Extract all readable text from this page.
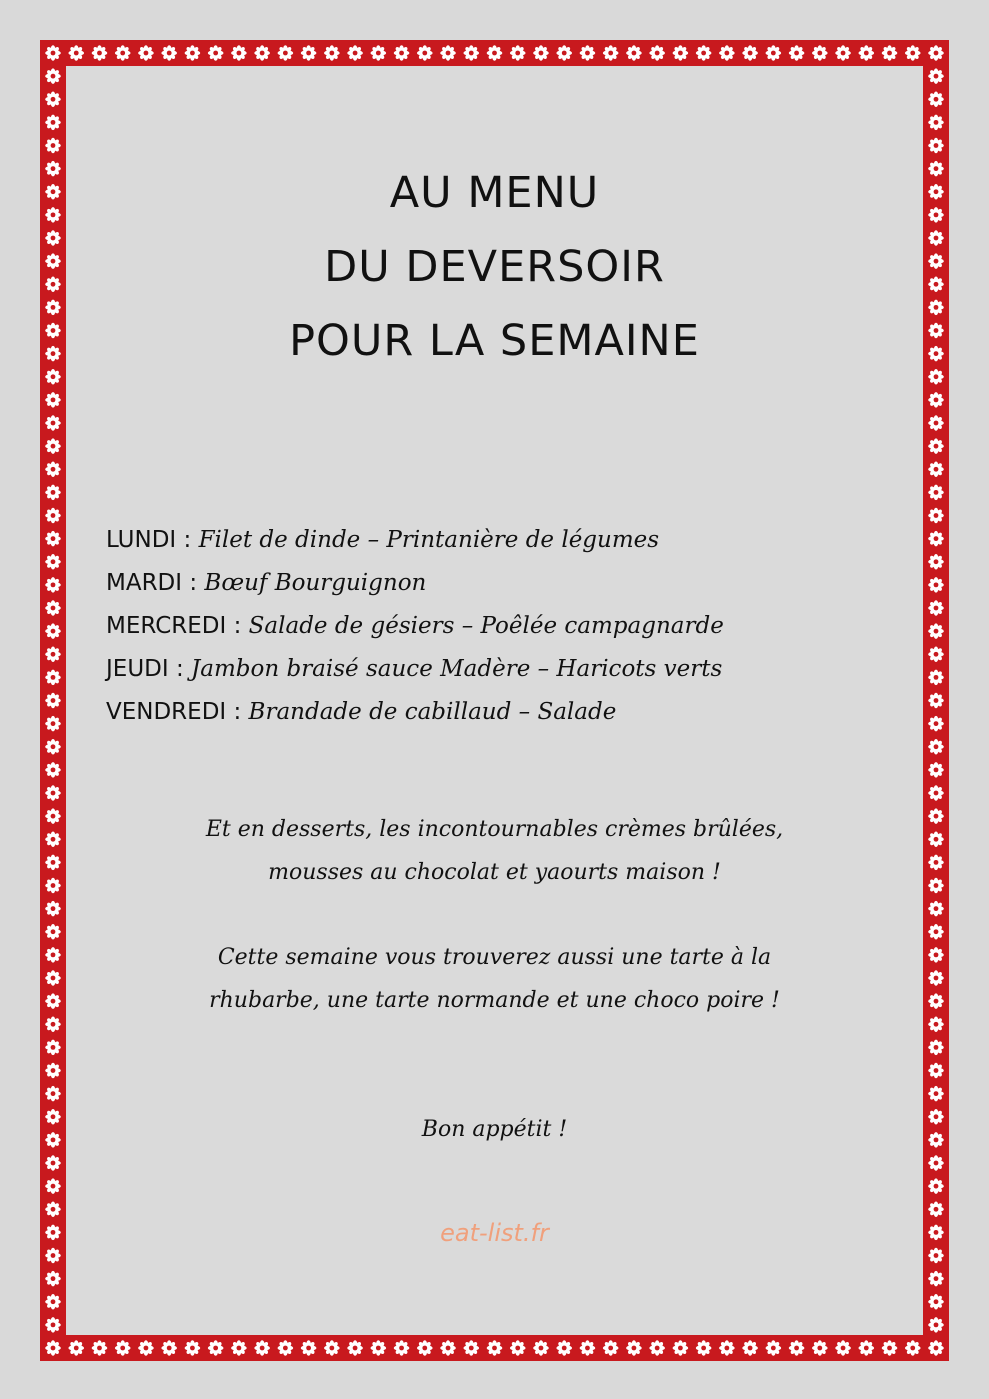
AU MENU
DU DEVERSOIR
POUR LA SEMAINE
LUNDI : Filet de dinde – Printanière de légumes
MARDI : Bœuf Bourguignon
MERCREDI : Salade de gésiers – Poêlée campagnarde
JEUDI : Jambon braisé sauce Madère – Haricots verts
VENDREDI : Brandade de cabillaud – Salade
Et en desserts, les incontournables crèmes brûlées,
mousses au chocolat et yaourts maison !
Cette semaine vous trouverez aussi une tarte à la
rhubarbe, une tarte normande et une choco poire !
Bon appétit !
eat-list.fr
